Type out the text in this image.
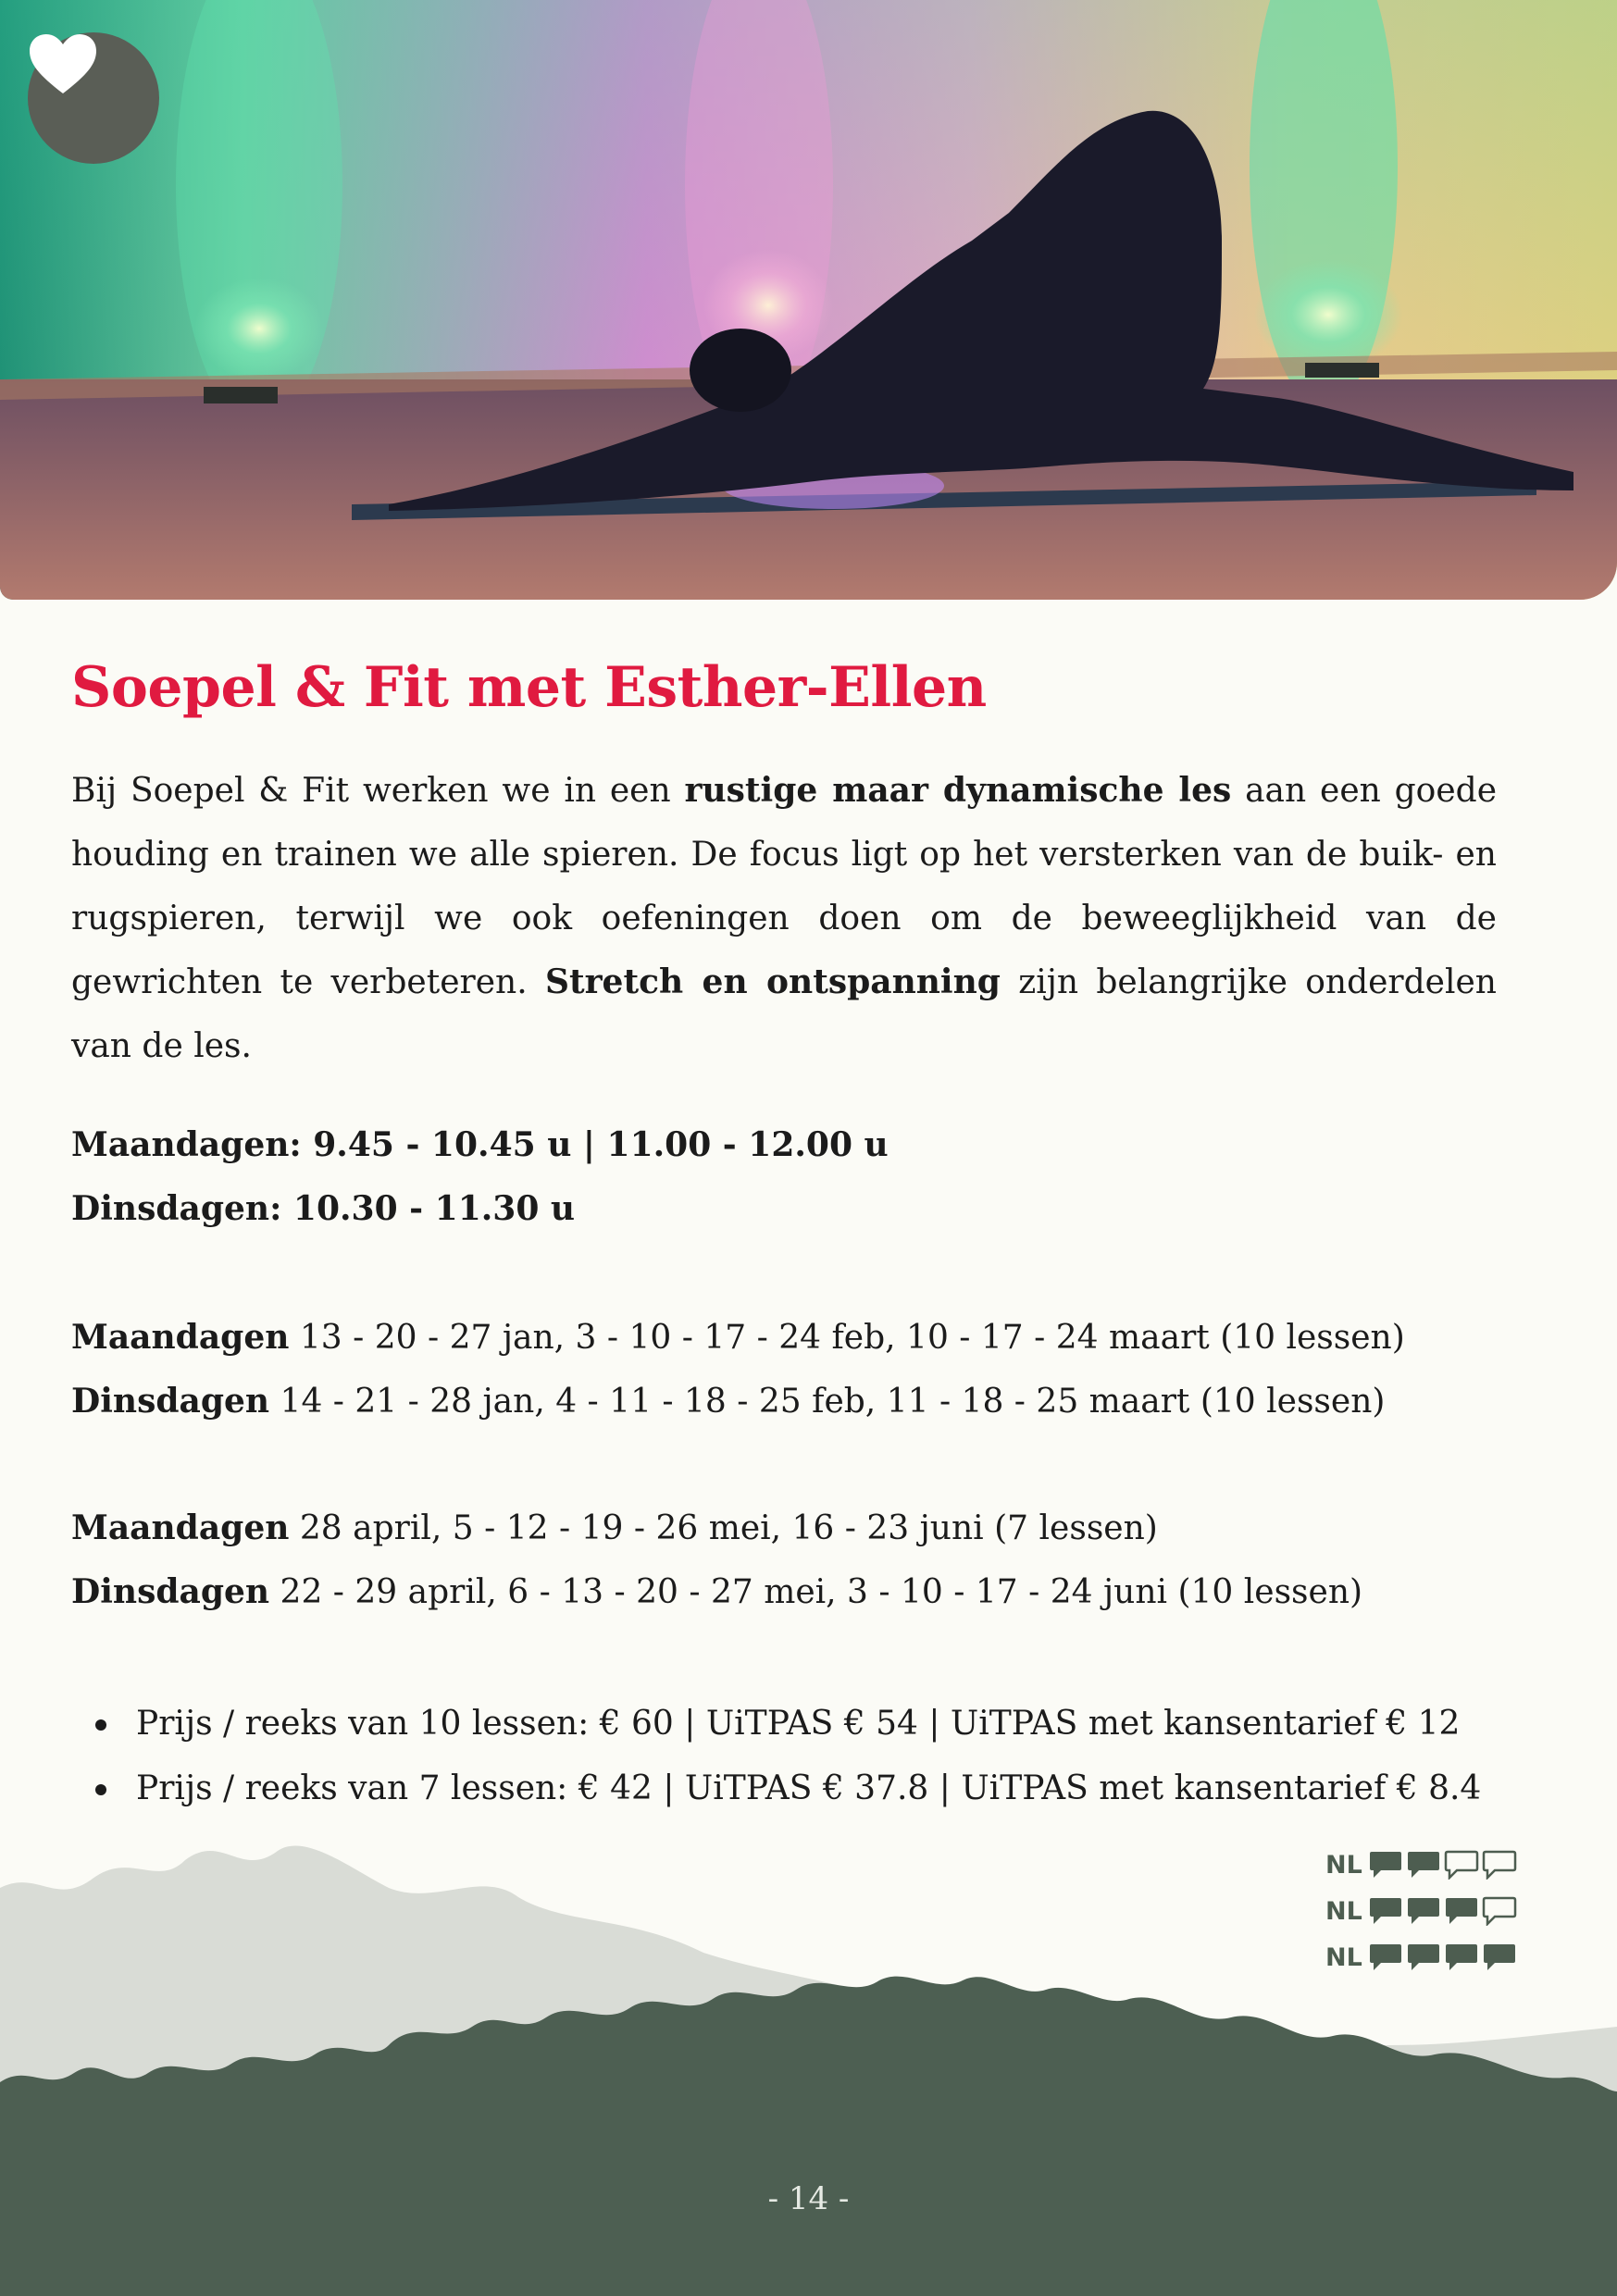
Soepel & Fit met Esther-Ellen

Bij Soepel & Fit werken we in een rustige maar dynamische les aan een goede houding en trainen we alle spieren. De focus ligt op het versterken van de buik- en rugspieren, terwijl we ook oefeningen doen om de beweeglijkheid van de gewrichten te verbeteren. Stretch en ontspanning zijn belangrijke onderdelen van de les.

Maandagen: 9.45 - 10.45 u | 11.00 - 12.00 u

Dinsdagen: 10.30 - 11.30 u

Maandagen 13 - 20 - 27 jan, 3 - 10 - 17 - 24 feb, 10 - 17 - 24 maart (10 lessen)

Dinsdagen 14 - 21 - 28 jan, 4 - 11 - 18 - 25 feb, 11 - 18 - 25 maart (10 lessen)

Maandagen 28 april, 5 - 12 - 19 - 26 mei, 16 - 23 juni (7 lessen)

Dinsdagen 22 - 29 april, 6 - 13 - 20 - 27 mei, 3 - 10 - 17 - 24 juni (10 lessen)

Prijs / reeks van 10 lessen: € 60 | UiTPAS € 54 | UiTPAS met kansentarief € 12
Prijs / reeks van 7 lessen: € 42 | UiTPAS € 37.8 | UiTPAS met kansentarief € 8.4
NL
NL
NL

- 14 -
